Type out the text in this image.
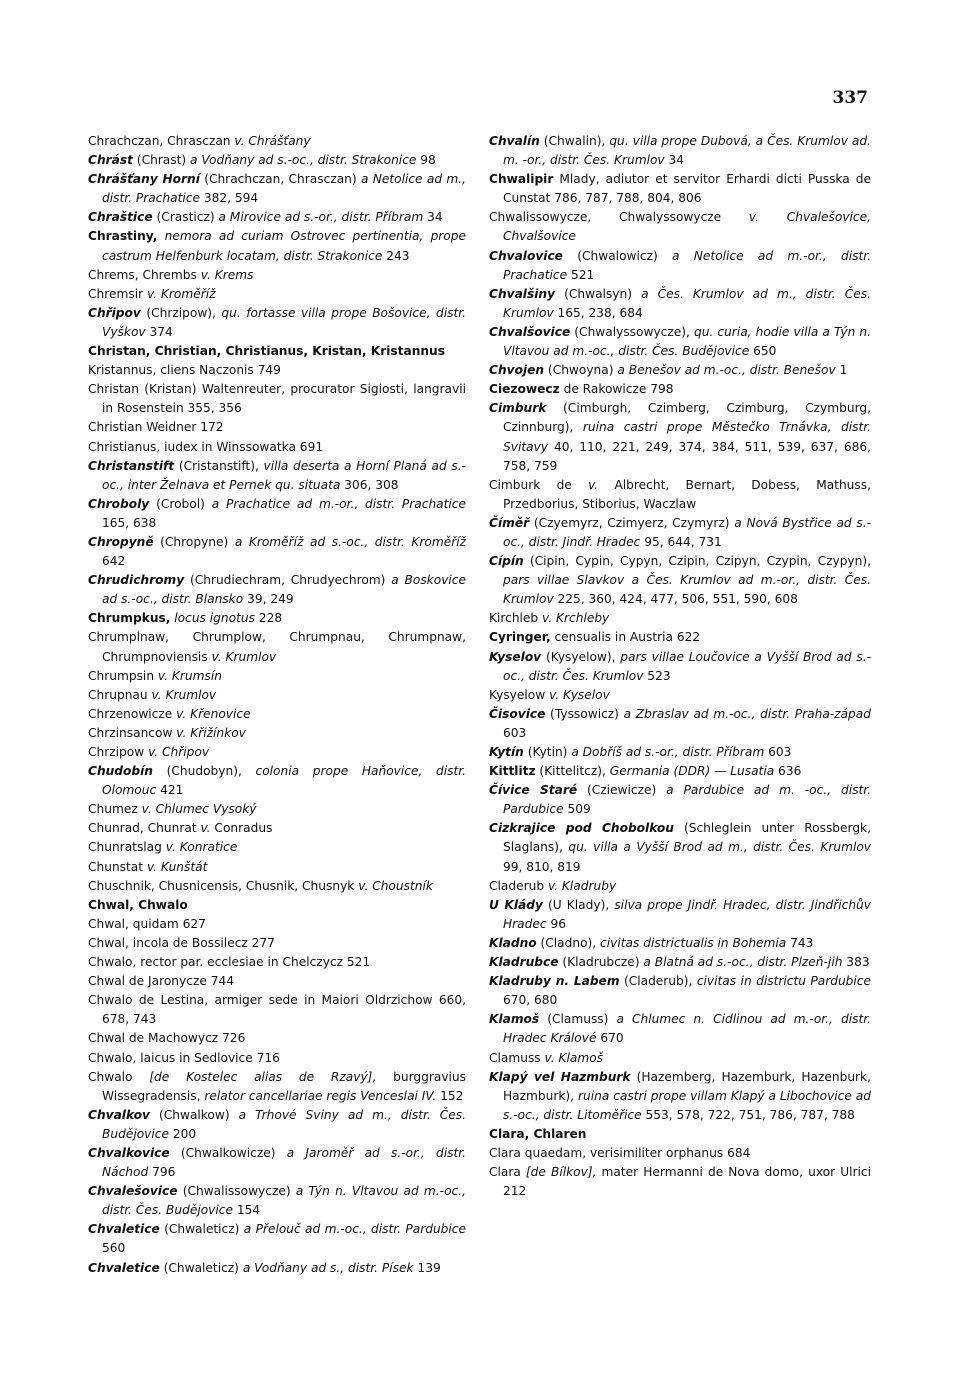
337

Chrachczan, Chrasczan v. Chrášťany

Chrást (Chrast) a Vodňany ad s.-oc., distr. Strakonice 98

Chrášťany Horní (Chrachczan, Chrasczan) a Netolice ad m., distr. Prachatice 382, 594

Chraštice (Crasticz) a Mirovice ad s.-or., distr. Příbram 34

Chrastiny, nemora ad curiam Ostrovec pertinentia, prope castrum Helfenburk locatam, distr. Strakonice 243

Chrems, Chrembs v. Krems

Chremsir v. Kroměříž

Chřipov (Chrzipow), qu. fortasse villa prope Bošovice, distr. Vyškov 374

Christan, Christian, Christianus, Kristan, Kristannus

Kristannus, cliens Naczonis 749

Christan (Kristan) Waltenreuter, procurator Sigiosti, langravii in Rosenstein 355, 356

Christian Weidner 172

Christianus, iudex in Winssowatka 691

Christanstift (Cristanstift), villa deserta a Horní Planá ad s.-oc., inter Želnava et Pernek qu. situata 306, 308

Chroboly (Crobol) a Prachatice ad m.-or., distr. Prachatice 165, 638

Chropyně (Chropyne) a Kroměříž ad s.-oc., distr. Kroměříž 642

Chrudichromy (Chrudiechram, Chrudyechrom) a Boskovice ad s.-oc., distr. Blansko 39, 249

Chrumpkus, locus ignotus 228

Chrumplnaw, Chrumplow, Chrumpnau, Chrumpnaw, Chrumpnoviensis v. Krumlov

Chrumpsin v. Krumsín

Chrupnau v. Krumlov

Chrzenowicze v. Křenovice

Chrzinsancow v. Křižínkov

Chrzipow v. Chřipov

Chudobín (Chudobyn), colonia prope Haňovice, distr. Olomouc 421

Chumez v. Chlumec Vysoký

Chunrad, Chunrat v. Conradus

Chunratslag v. Konratice

Chunstat v. Kunštát

Chuschnik, Chusnicensis, Chusnik, Chusnyk v. Choustník

Chwal, Chwalo

Chwal, quidam 627

Chwal, incola de Bossilecz 277

Chwalo, rector par. ecclesiae in Chelczycz 521

Chwal de Jaronycze 744

Chwalo de Lestina, armiger sede in Maiori Oldrzichow 660, 678, 743

Chwal de Machowycz 726

Chwalo, laicus in Sedlovice 716

Chwalo [de Kostelec alias de Rzavý], burggravius Wissegradensis, relator cancellariae regis Venceslai IV. 152

Chvalkov (Chwalkow) a Trhové Sviny ad m., distr. Čes. Budějovice 200

Chvalkovice (Chwalkowicze) a Jaroměř ad s.-or., distr. Náchod 796

Chvalešovice (Chwalissowycze) a Týn n. Vltavou ad m.-oc., distr. Čes. Budějovice 154

Chvaletice (Chwaleticz) a Přelouč ad m.-oc., distr. Pardubice 560

Chvaletice (Chwaleticz) a Vodňany ad s., distr. Písek 139

Chvalín (Chwalin), qu. villa prope Dubová, a Čes. Krumlov ad. m. -or., distr. Čes. Krumlov 34

Chwalipir Mlady, adiutor et servitor Erhardi dicti Pusska de Cunstat 786, 787, 788, 804, 806

Chwalissowycze, Chwalyssowycze v. Chvalešovice, Chvalšovice

Chvalovice (Chwalowicz) a Netolice ad m.-or., distr. Prachatice 521

Chvalšiny (Chwalsyn) a Čes. Krumlov ad m., distr. Čes. Krumlov 165, 238, 684

Chvalšovice (Chwalyssowycze), qu. curia, hodie villa a Týn n. Vltavou ad m.-oc., distr. Čes. Budějovice 650

Chvojen (Chwoyna) a Benešov ad m.-oc., distr. Benešov 1

Ciezowecz de Rakowicze 798

Cimburk (Cimburgh, Czimberg, Czimburg, Czymburg, Czinnburg), ruina castri prope Městečko Trnávka, distr. Svitavy 40, 110, 221, 249, 374, 384, 511, 539, 637, 686, 758, 759

Cimburk de v. Albrecht, Bernart, Dobess, Mathuss, Przedborius, Stiborius, Waczlaw

Číměř (Czyemyrz, Czimyerz, Czymyrz) a Nová Bystřice ad s.-oc., distr. Jindř. Hradec 95, 644, 731

Cípín (Cipin, Cypin, Cypyn, Czipin, Czipyn, Czypin, Czypyn), pars villae Slavkov a Čes. Krumlov ad m.-or., distr. Čes. Krumlov 225, 360, 424, 477, 506, 551, 590, 608

Kirchleb v. Krchleby

Cyringer, censualis in Austria 622

Kyselov (Kysyelow), pars villae Loučovice a Vyšší Brod ad s.-oc., distr. Čes. Krumlov 523

Kysyelow v. Kyselov

Čisovice (Tyssowicz) a Zbraslav ad m.-oc., distr. Praha-západ 603

Kytín (Kytin) a Dobříš ad s.-or., distr. Příbram 603

Kittlitz (Kittelitcz), Germania (DDR) — Lusatia 636

Čívice Staré (Cziewicze) a Pardubice ad m. -oc., distr. Pardubice 509

Cizkrajice pod Chobolkou (Schleglein unter Rossbergk, Slaglans), qu. villa a Vyšší Brod ad m., distr. Čes. Krumlov 99, 810, 819

Claderub v. Kladruby

U Klády (U Klady), silva prope Jindř. Hradec, distr. Jindřichův Hradec 96

Kladno (Cladno), civitas districtualis in Bohemia 743

Kladrubce (Kladrubcze) a Blatná ad s.-oc., distr. Plzeň-jih 383

Kladruby n. Labem (Claderub), civitas in districtu Pardubice 670, 680

Klamoš (Clamuss) a Chlumec n. Cidlinou ad m.-or., distr. Hradec Králové 670

Clamuss v. Klamoš

Klapý vel Hazmburk (Hazemberg, Hazemburk, Hazenburk, Hazmburk), ruina castri prope villam Klapý a Libochovice ad s.-oc., distr. Litoměřice 553, 578, 722, 751, 786, 787, 788

Clara, Chlaren

Clara quaedam, verisimiliter orphanus 684

Clara [de Bílkov], mater Hermanni de Nova domo, uxor Ulrici 212
